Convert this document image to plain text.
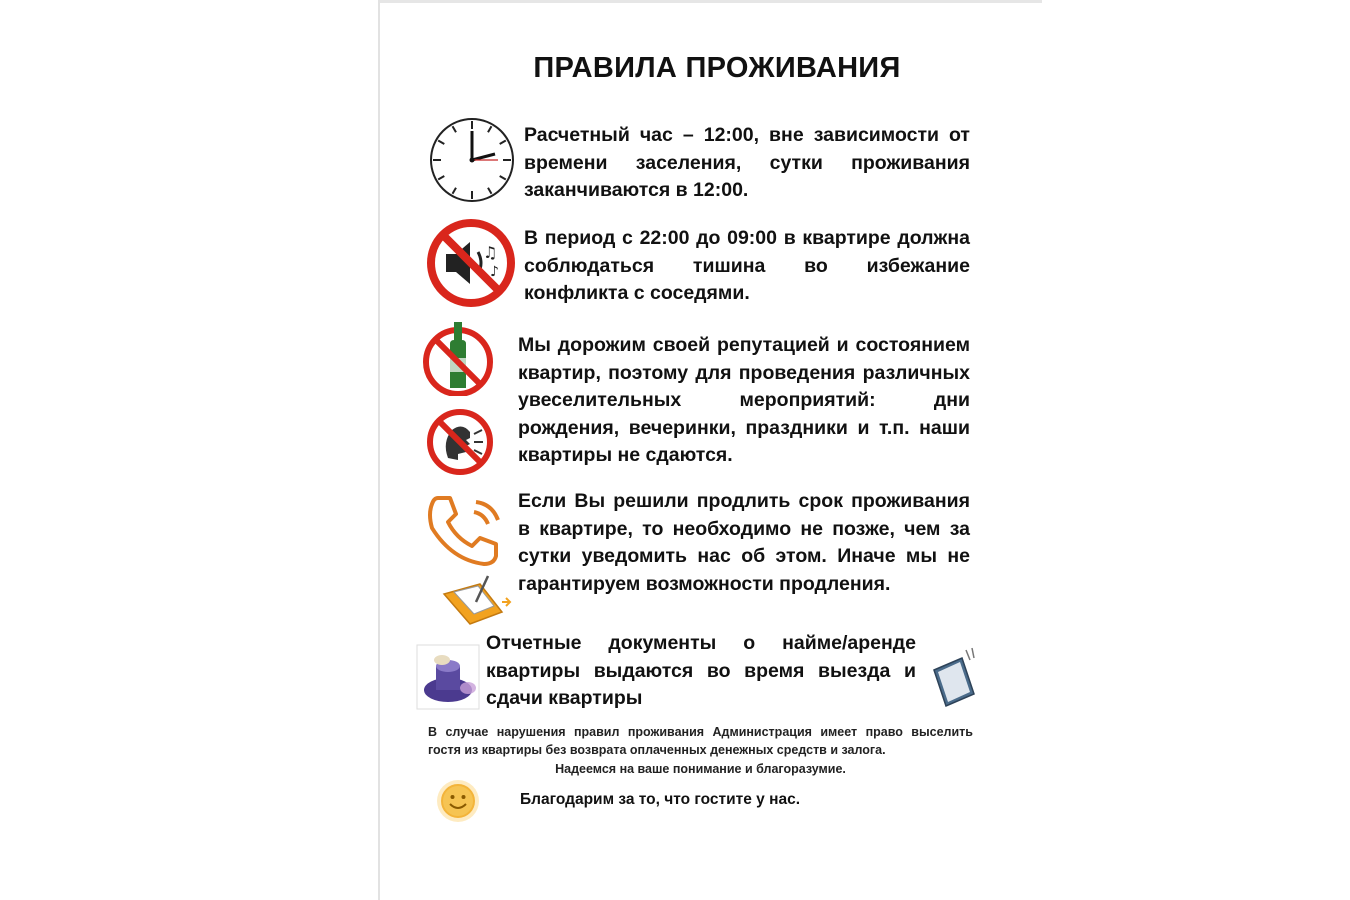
ПРАВИЛА ПРОЖИВАНИЯ
Расчетный час – 12:00, вне зависимости от времени заселения, сутки проживания заканчиваются в 12:00.
♫
♪
В период с 22:00 до 09:00 в квартире должна соблюдаться тишина во избежание конфликта с соседями.
Мы дорожим своей репутацией и состоянием квартир, поэтому для проведения различных увеселительных мероприятий: дни рождения, вечеринки, праздники и т.п. наши квартиры не сдаются.
Если Вы решили продлить срок проживания в квартире, то необходимо не позже, чем за сутки уведомить нас об этом. Иначе мы не гарантируем возможности продления.
Отчетные документы о найме/аренде квартиры выдаются во время выезда и сдачи квартиры
В случае нарушения правил проживания Администрация имеет право выселить
гостя из квартиры без возврата оплаченных денежных средств и залога.
Надеемся на ваше понимание и благоразумие.
Благодарим за то, что гостите у нас.
